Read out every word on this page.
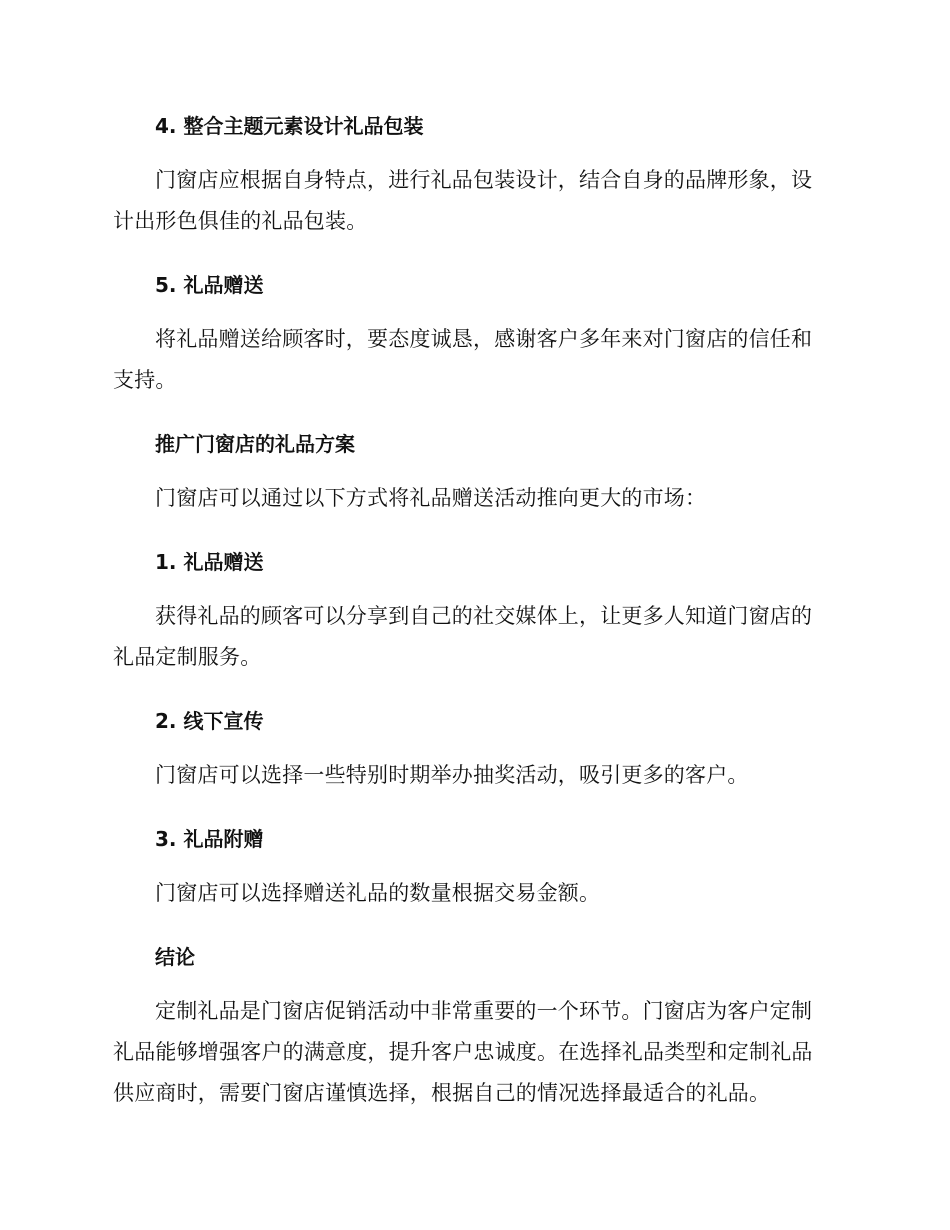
4. 整合主题元素设计礼品包装

门窗店应根据自身特点，进行礼品包装设计，结合自身的品牌形象，设计出形色俱佳的礼品包装。

5. 礼品赠送

将礼品赠送给顾客时，要态度诚恳，感谢客户多年来对门窗店的信任和支持。

推广门窗店的礼品方案

门窗店可以通过以下方式将礼品赠送活动推向更大的市场：

1. 礼品赠送

获得礼品的顾客可以分享到自己的社交媒体上，让更多人知道门窗店的礼品定制服务。

2. 线下宣传

门窗店可以选择一些特别时期举办抽奖活动，吸引更多的客户。

3. 礼品附赠

门窗店可以选择赠送礼品的数量根据交易金额。

结论

定制礼品是门窗店促销活动中非常重要的一个环节。门窗店为客户定制礼品能够增强客户的满意度，提升客户忠诚度。在选择礼品类型和定制礼品供应商时，需要门窗店谨慎选择，根据自己的情况选择最适合的礼品。
